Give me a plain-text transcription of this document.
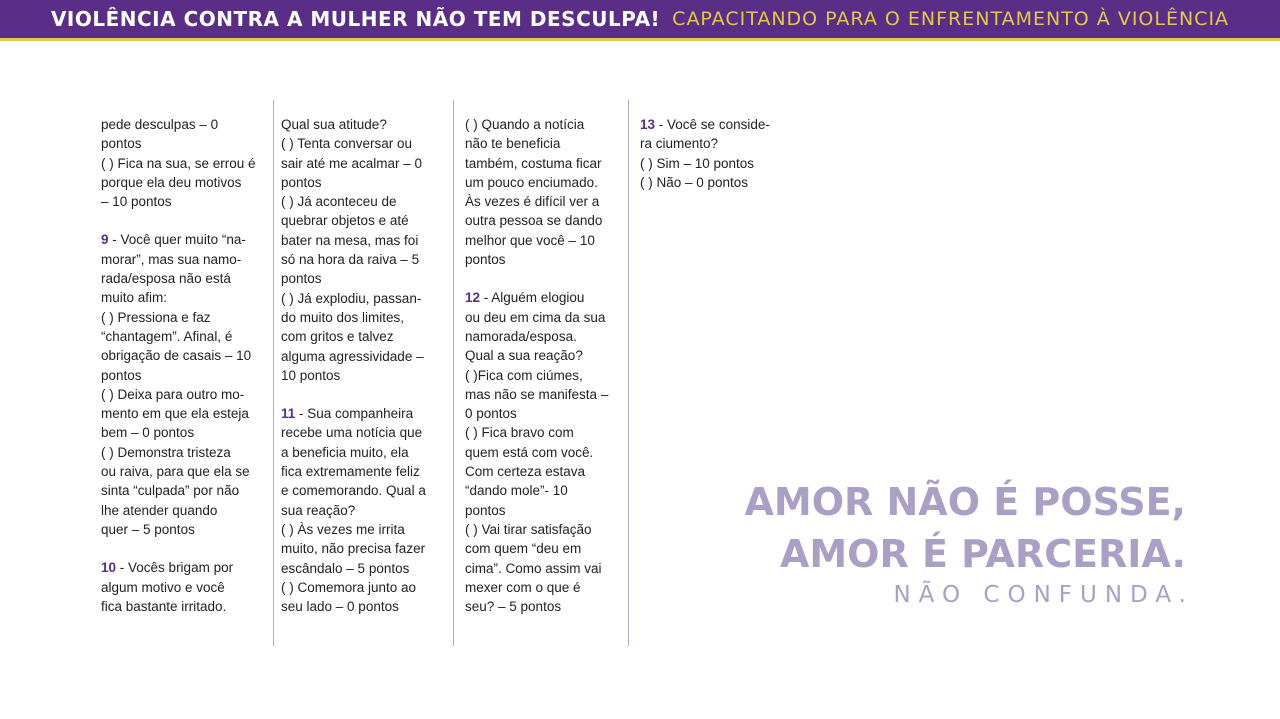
VIOLÊNCIA CONTRA A MULHER NÃO TEM DESCULPA! CAPACITANDO PARA O ENFRENTAMENTO À VIOLÊNCIA

pede desculpas – 0

pontos

( ) Fica na sua, se errou é

porque ela deu motivos

– 10 pontos

9 - Você quer muito “na-

morar”, mas sua namo-

rada/esposa não está

muito afim:

( ) Pressiona e faz

“chantagem”. Afinal, é

obrigação de casais – 10

pontos

( ) Deixa para outro mo-

mento em que ela esteja

bem – 0 pontos

( ) Demonstra tristeza

ou raiva, para que ela se

sinta “culpada” por não

lhe atender quando

quer – 5 pontos

10 - Vocês brigam por

algum motivo e você

fica bastante irritado.

Qual sua atitude?

( ) Tenta conversar ou

sair até me acalmar – 0

pontos

( ) Já aconteceu de

quebrar objetos e até

bater na mesa, mas foi

só na hora da raiva – 5

pontos

( ) Já explodiu, passan-

do muito dos limites,

com gritos e talvez

alguma agressividade –

10 pontos

11 - Sua companheira

recebe uma notícia que

a beneficia muito, ela

fica extremamente feliz

e comemorando. Qual a

sua reação?

( ) Às vezes me irrita

muito, não precisa fazer

escândalo – 5 pontos

( ) Comemora junto ao

seu lado – 0 pontos

( ) Quando a notícia

não te beneficia

também, costuma ficar

um pouco enciumado.

Às vezes é difícil ver a

outra pessoa se dando

melhor que você – 10

pontos

12 - Alguém elogiou

ou deu em cima da sua

namorada/esposa.

Qual a sua reação?

( )Fica com ciúmes,

mas não se manifesta –

0 pontos

( ) Fica bravo com

quem está com você.

Com certeza estava

“dando mole”- 10

pontos

( ) Vai tirar satisfação

com quem “deu em

cima”. Como assim vai

mexer com o que é

seu? – 5 pontos

13 - Você se conside-

ra ciumento?

( ) Sim – 10 pontos

( ) Não – 0 pontos

AMOR NÃO É POSSE,
AMOR É PARCERIA.
NÃO CONFUNDA.
